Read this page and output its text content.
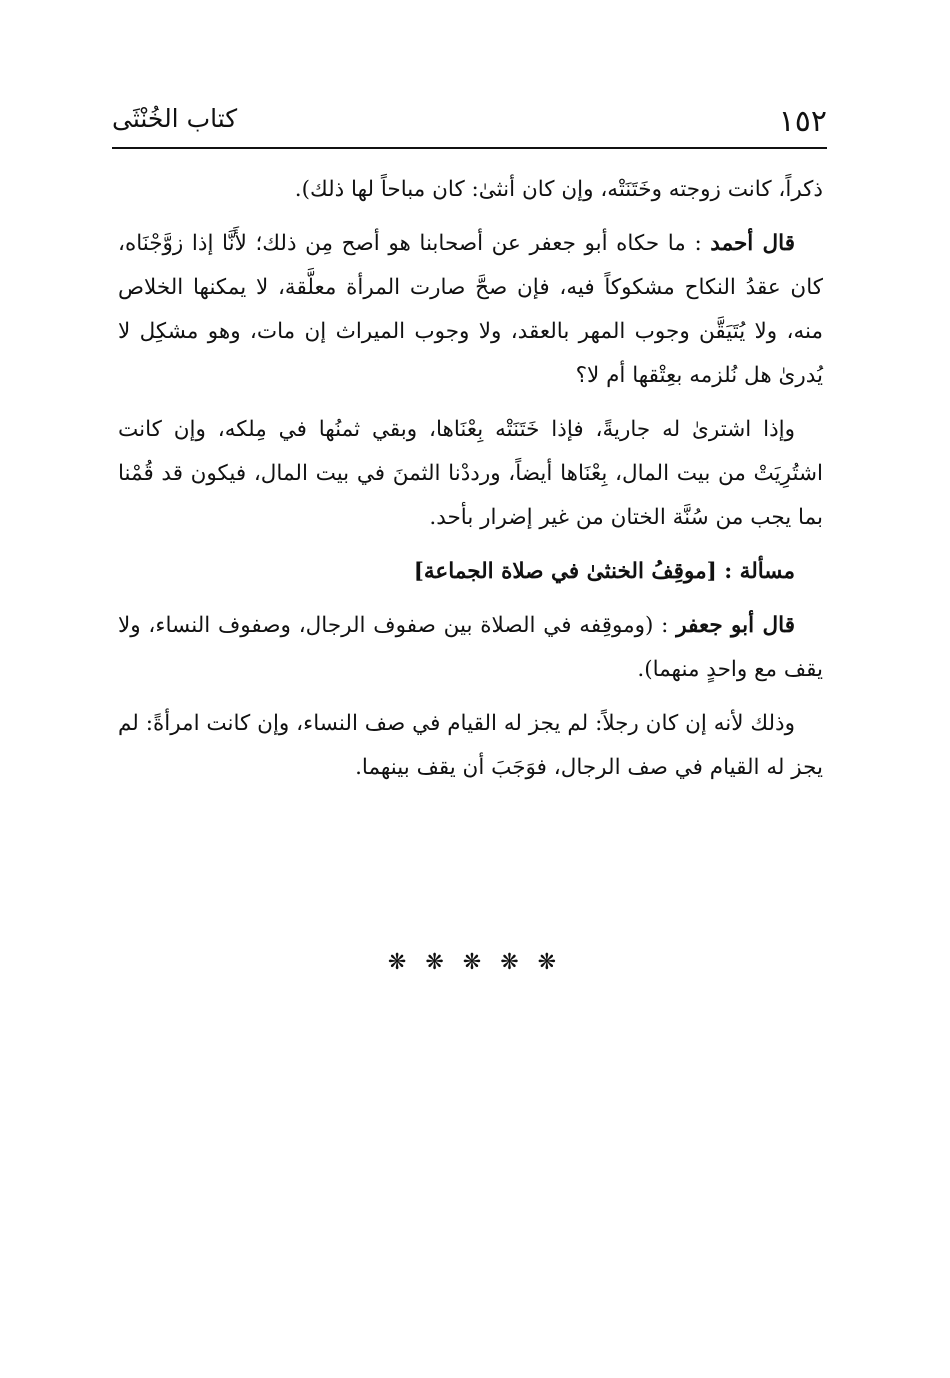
١٥٢
كتاب الخُنْثَى

ذكراً، كانت زوجته وخَتَنَتْه، وإن كان أنثىٰ: كان مباحاً لها ذلك).

قال أحمد : ما حكاه أبو جعفر عن أصحابنا هو أصح مِن ذلك؛ لأَنَّا إذا زوَّجْنَاه، كان عقدُ النكاح مشكوكاً فيه، فإن صحَّ صارت المرأة معلَّقة، لا يمكنها الخلاص منه، ولا يُتَيَقَّن وجوب المهر بالعقد، ولا وجوب الميراث إن مات، وهو مشكِل لا يُدرىٰ هل نُلزمه بعِتْقها أم لا؟

وإذا اشترىٰ له جاريةً، فإذا خَتَنَتْه بِعْنَاها، وبقي ثمنُها في مِلكه، وإن كانت اشتُرِيَتْ من بيت المال، بِعْنَاها أيضاً، ورددْنا الثمنَ في بيت المال، فيكون قد قُمْنا بما يجب من سُنَّة الختان من غير إضرار بأحد.

مسألة : [موقِفُ الخنثىٰ في صلاة الجماعة]

قال أبو جعفر : (وموقِفه في الصلاة بين صفوف الرجال، وصفوف النساء، ولا يقف مع واحدٍ منهما).

وذلك لأنه إن كان رجلاً: لم يجز له القيام في صف النساء، وإن كانت امرأةً: لم يجز له القيام في صف الرجال، فوَجَبَ أن يقف بينهما.

❋ ❋ ❋ ❋ ❋
